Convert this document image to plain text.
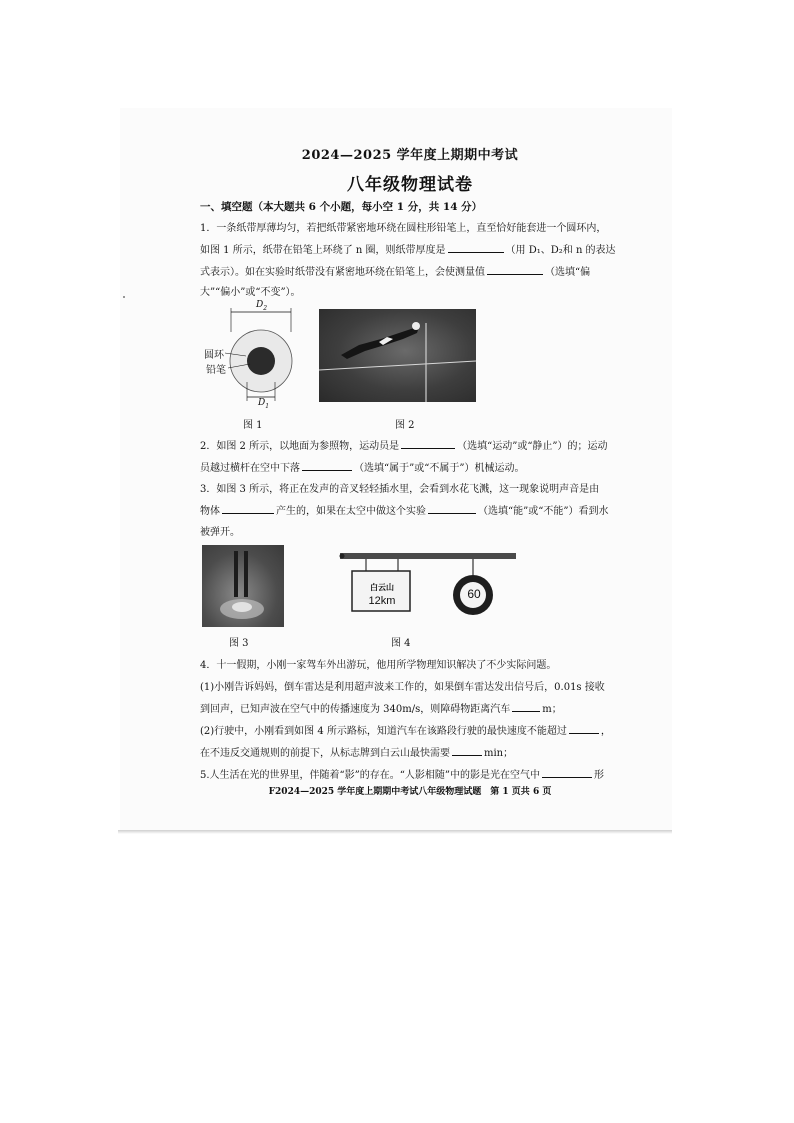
2024—2025 学年度上期期中考试
八年级物理试卷
一、填空题（本大题共 6 个小题，每小空 1 分，共 14 分）
1．一条纸带厚薄均匀，若把纸带紧密地环绕在圆柱形铅笔上，直至恰好能套进一个圆环内，
如图 1 所示，纸带在铅笔上环绕了 n 圈，则纸带厚度是	（用 D₁、D₂和 n 的表达
式表示）。如在实验时纸带没有紧密地环绕在铅笔上，会使测量值	（选填“偏
大”“偏小”或“不变”）。
$D_2$
$D_1$
圆环
铅笔
图 1	图 2
2．如图 2 所示，以地面为参照物，运动员是	（选填“运动”或“静止”）的；运动
员越过横杆在空中下落	（选填“属于”或“不属于”）机械运动。
3．如图 3 所示，将正在发声的音叉轻轻插水里，会看到水花飞溅，这一现象说明声音是由
物体	产生的，如果在太空中做这个实验	（选填“能”或“不能”）看到水
被弹开。
图 3
白云山
12km	60
图 4
4．十一假期，小刚一家驾车外出游玩，他用所学物理知识解决了不少实际问题。
(1)小刚告诉妈妈，倒车雷达是利用超声波来工作的，如果倒车雷达发出信号后，0.01s 接收
到回声，已知声波在空气中的传播速度为 340m/s，则障碍物距离汽车	m；
(2)行驶中，小刚看到如图 4 所示路标，知道汽车在该路段行驶的最快速度不能超过	，
在不违反交通规则的前提下，从标志牌到白云山最快需要	min；
5.人生活在光的世界里，伴随着“影”的存在。“人影相随”中的影是光在空气中	形
F2024—2025 学年度上期期中考试八年级物理试题　第 1 页共 6 页
